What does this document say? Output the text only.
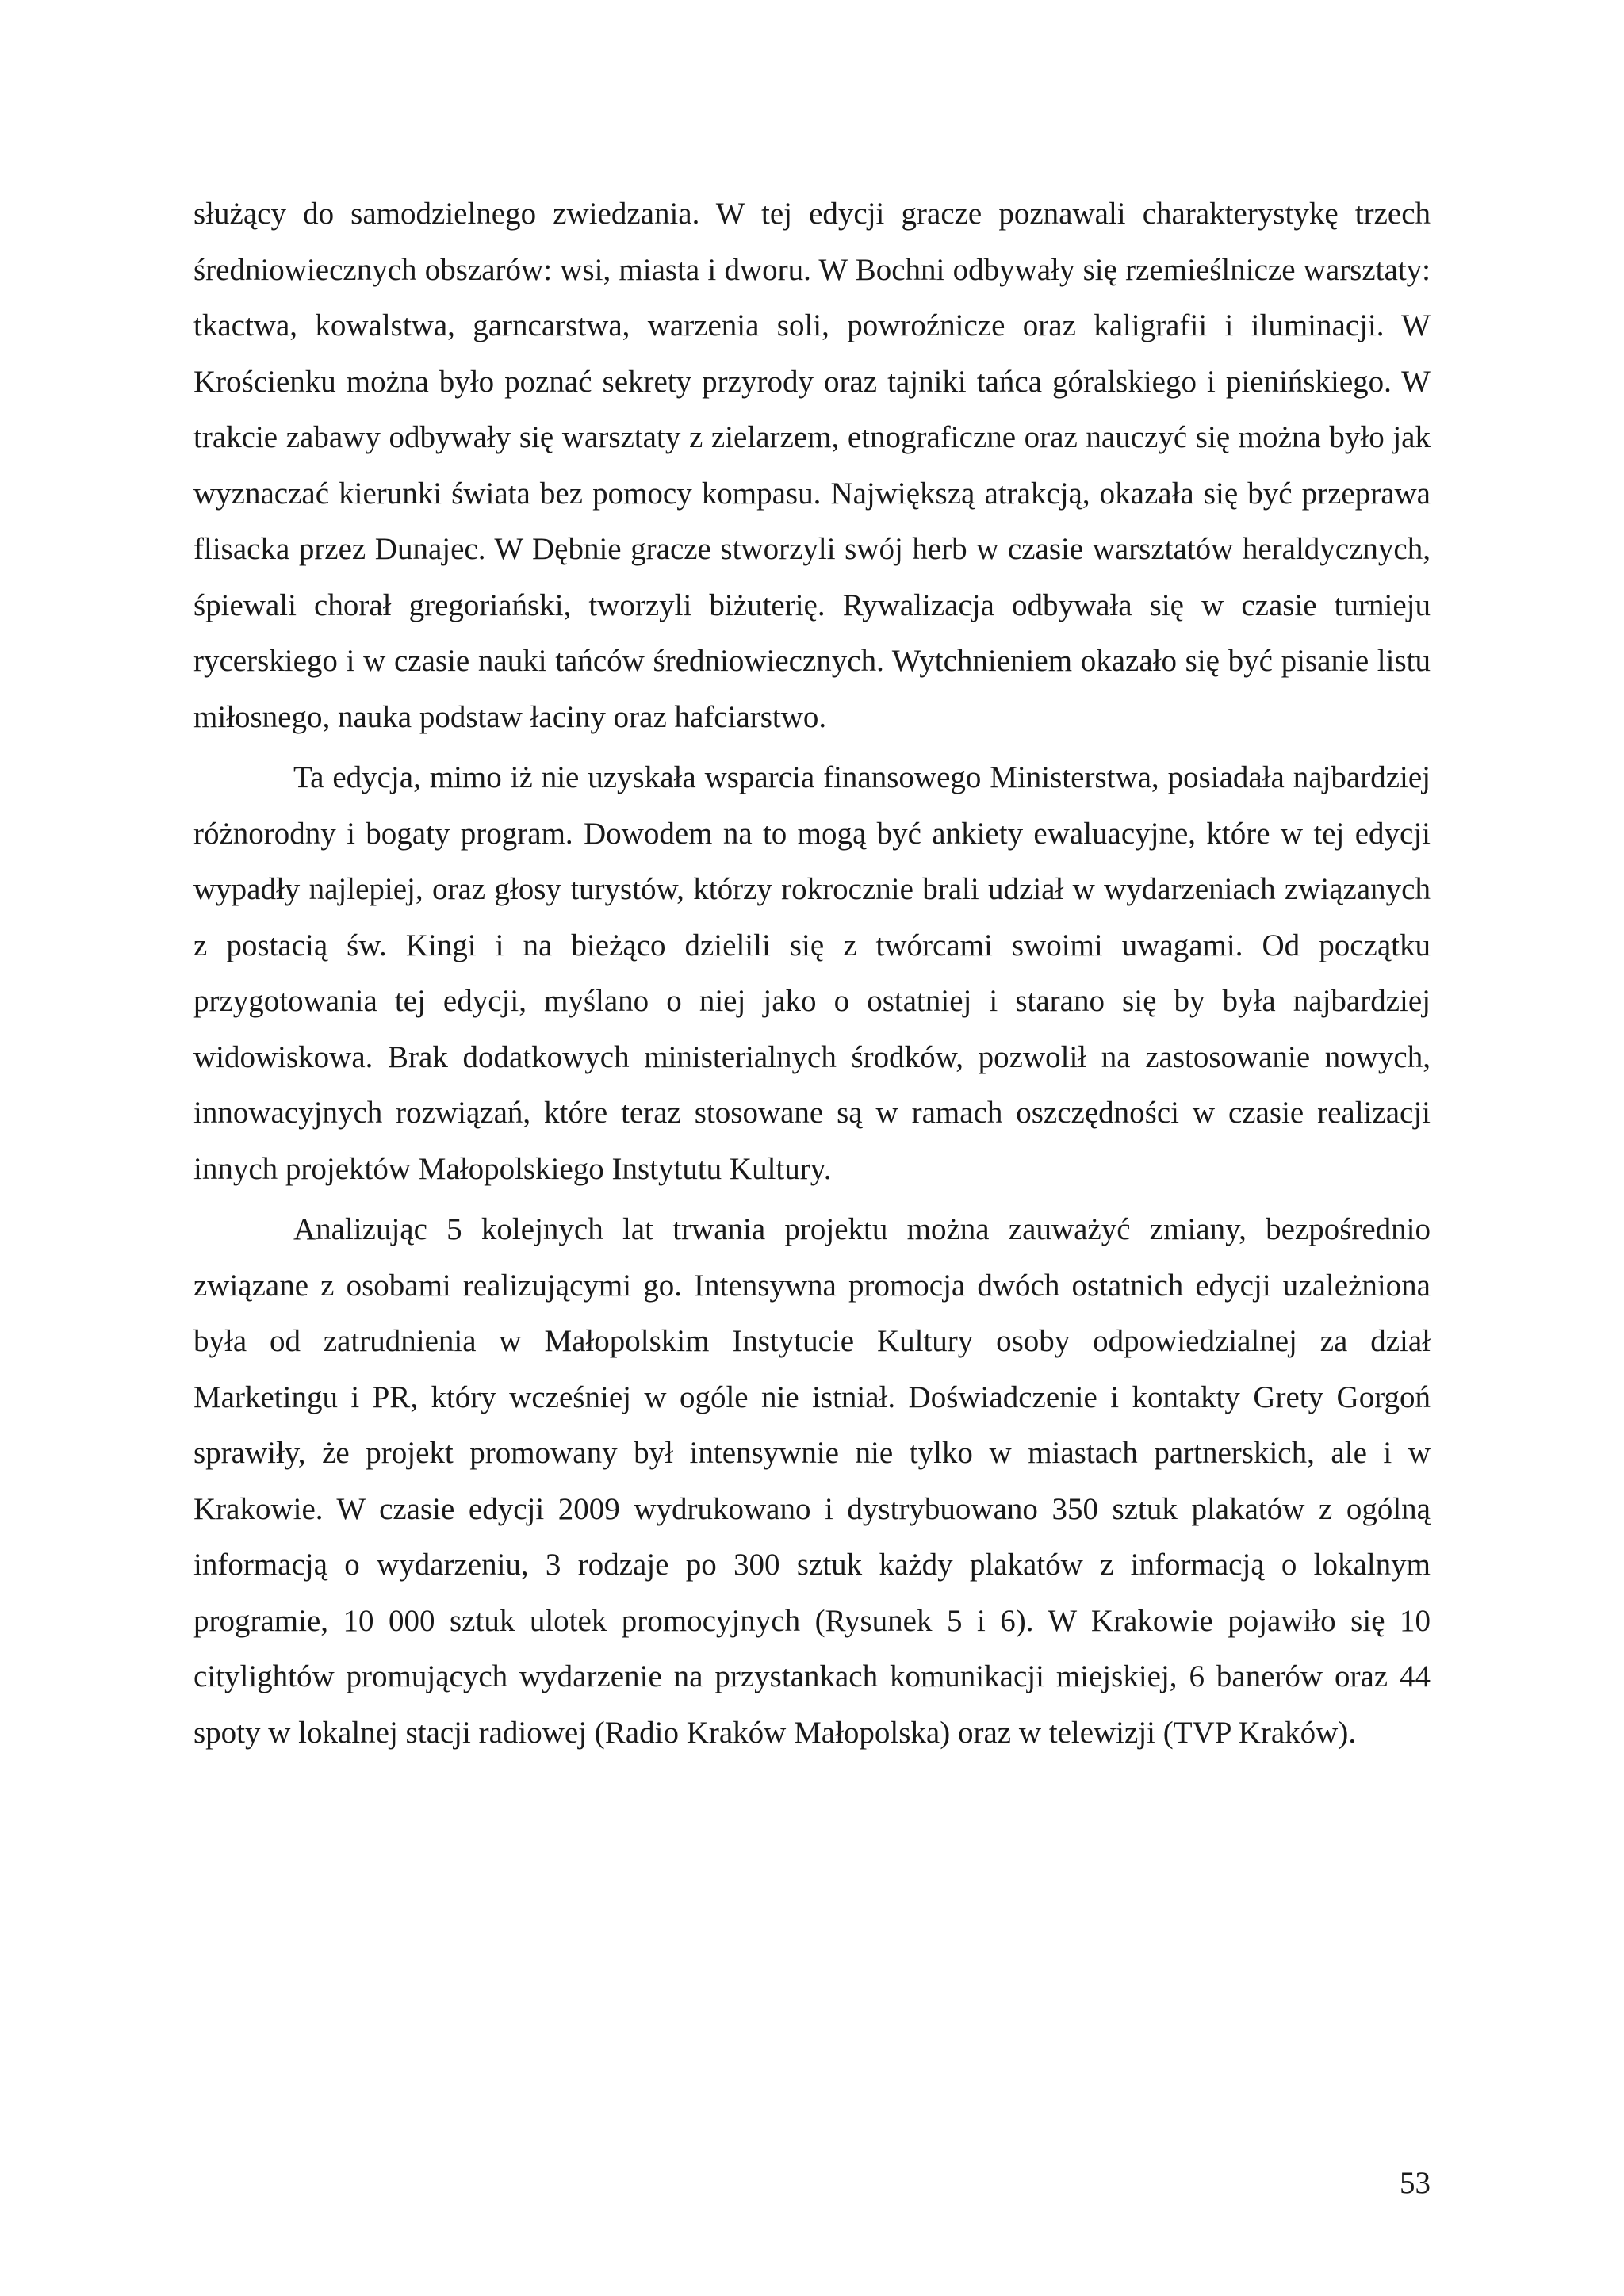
służący do samodzielnego zwiedzania. W tej edycji gracze poznawali charakterystykę trzech średniowiecznych obszarów: wsi, miasta i dworu. W Bochni odbywały się rzemieślnicze warsztaty: tkactwa, kowalstwa, garncarstwa, warzenia soli, powroźnicze oraz kaligrafii i iluminacji. W Krościenku można było poznać sekrety przyrody oraz tajniki tańca góralskiego i pienińskiego. W trakcie zabawy odbywały się warsztaty z zielarzem, etnograficzne oraz nauczyć się można było jak wyznaczać kierunki świata bez pomocy kompasu. Największą atrakcją, okazała się być przeprawa flisacka przez Dunajec. W Dębnie gracze stworzyli swój herb w czasie warsztatów heraldycznych, śpiewali chorał gregoriański, tworzyli biżuterię. Rywalizacja odbywała się w czasie turnieju rycerskiego i w czasie nauki tańców średniowiecznych. Wytchnieniem okazało się być pisanie listu miłosnego, nauka podstaw łaciny oraz hafciarstwo.

Ta edycja, mimo iż nie uzyskała wsparcia finansowego Ministerstwa, posiadała najbardziej różnorodny i bogaty program. Dowodem na to mogą być ankiety ewaluacyjne, które w tej edycji wypadły najlepiej, oraz głosy turystów, którzy rokrocznie brali udział w wydarzeniach związanych z postacią św. Kingi i na bieżąco dzielili się z twórcami swoimi uwagami. Od początku przygotowania tej edycji, myślano o niej jako o ostatniej i starano się by była najbardziej widowiskowa. Brak dodatkowych ministerialnych środków, pozwolił na zastosowanie nowych, innowacyjnych rozwiązań, które teraz stosowane są w ramach oszczędności w czasie realizacji innych projektów Małopolskiego Instytutu Kultury.

Analizując 5 kolejnych lat trwania projektu można zauważyć zmiany, bezpośrednio związane z osobami realizującymi go. Intensywna promocja dwóch ostatnich edycji uzależniona była od zatrudnienia w Małopolskim Instytucie Kultury osoby odpowiedzialnej za dział Marketingu i PR, który wcześniej w ogóle nie istniał. Doświadczenie i kontakty Grety Gorgoń sprawiły, że projekt promowany był intensywnie nie tylko w miastach partnerskich, ale i w Krakowie. W czasie edycji 2009 wydrukowano i dystrybuowano 350 sztuk plakatów z ogólną informacją o wydarzeniu, 3 rodzaje po 300 sztuk każdy plakatów z informacją o lokalnym programie, 10 000 sztuk ulotek promocyjnych (Rysunek 5 i 6). W Krakowie pojawiło się 10 citylightów promujących wydarzenie na przystankach komunikacji miejskiej, 6 banerów oraz 44 spoty w lokalnej stacji radiowej (Radio Kraków Małopolska) oraz w telewizji (TVP Kraków).

53
